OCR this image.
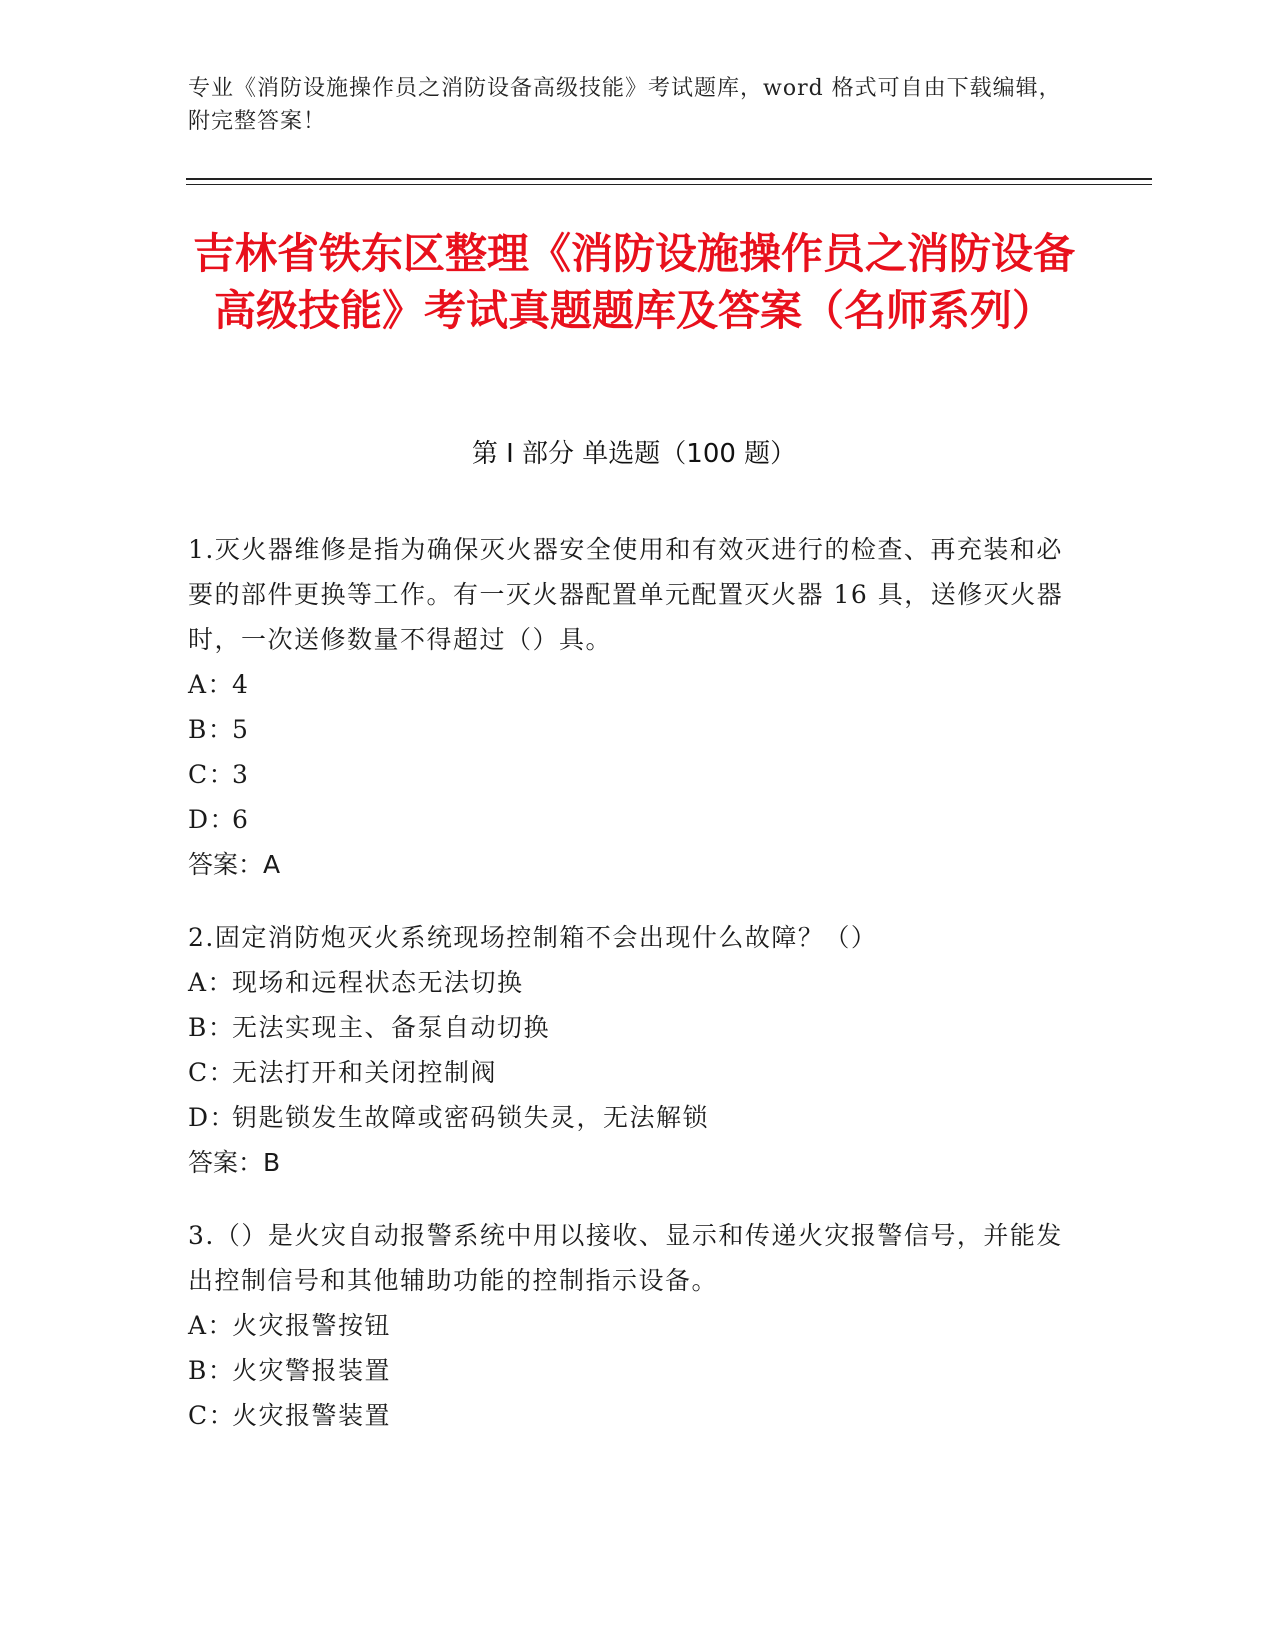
专业《消防设施操作员之消防设备高级技能》考试题库，word 格式可自由下载编辑，附完整答案！
吉林省铁东区整理《消防设施操作员之消防设备高级技能》考试真题题库及答案（名师系列）
第 I 部分 单选题（100 题）

1.灭火器维修是指为确保灭火器安全使用和有效灭进行的检查、再充装和必要的部件更换等工作。有一灭火器配置单元配置灭火器 16 具，送修灭火器时，一次送修数量不得超过（）具。

A：4

B：5

C：3

D：6

答案：A

2.固定消防炮灭火系统现场控制箱不会出现什么故障？（）

A：现场和远程状态无法切换

B：无法实现主、备泵自动切换

C：无法打开和关闭控制阀

D：钥匙锁发生故障或密码锁失灵，无法解锁

答案：B

3.（）是火灾自动报警系统中用以接收、显示和传递火灾报警信号，并能发出控制信号和其他辅助功能的控制指示设备。

A：火灾报警按钮

B：火灾警报装置

C：火灾报警装置
